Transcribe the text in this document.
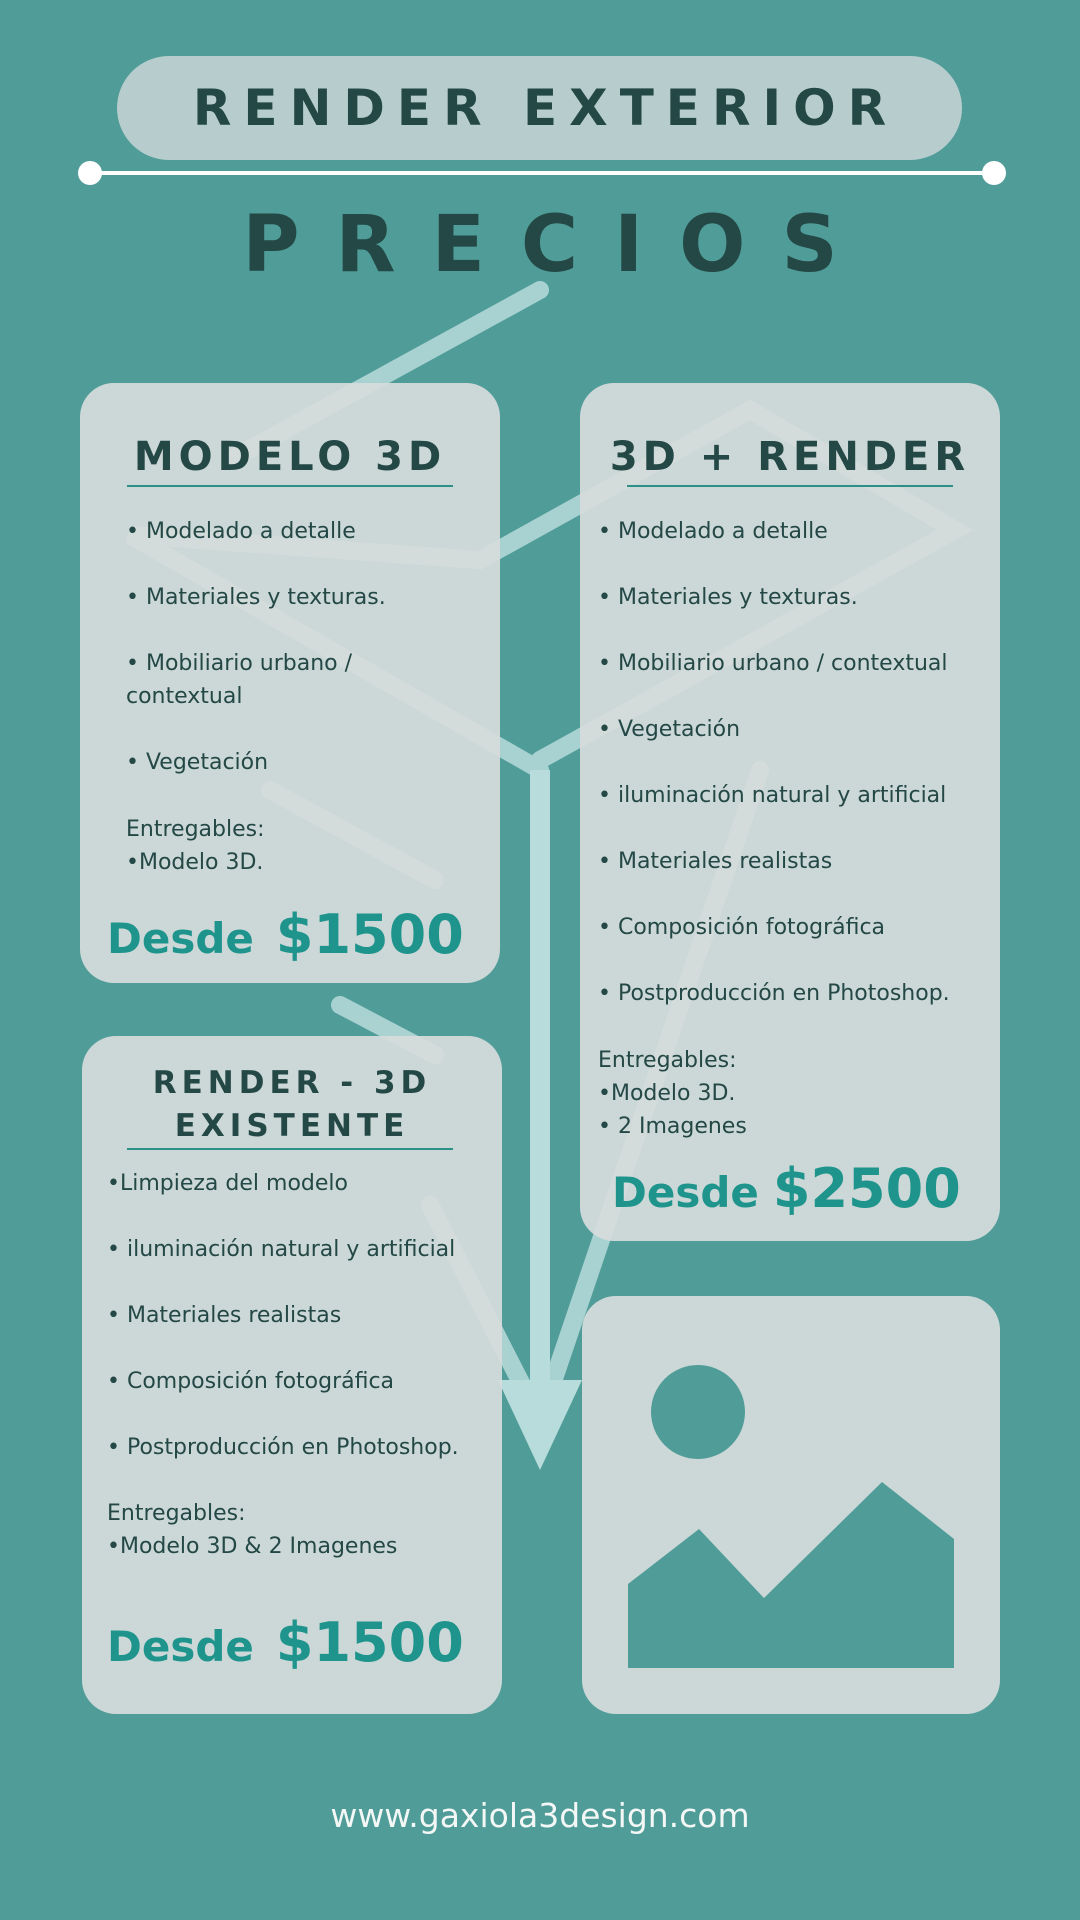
RENDER EXTERIOR
PRECIOS
MODELO 3D
• Modelado a detalle
• Materiales y texturas.
• Mobiliario urbano /
contextual
• Vegetación
Entregables:
•Modelo 3D.
Desde $1500
3D + RENDER
• Modelado a detalle
• Materiales y texturas.
• Mobiliario urbano / contextual
• Vegetación
• iluminación natural y artificial
• Materiales realistas
• Composición fotográfica
• Postproducción en Photoshop.
Entregables:
•Modelo 3D.
• 2 Imagenes
Desde $2500
RENDER - 3D
EXISTENTE
•Limpieza del modelo
• iluminación natural y artificial
• Materiales realistas
• Composición fotográfica
• Postproducción en Photoshop.
Entregables:
•Modelo 3D & 2 Imagenes
Desde $1500
www.gaxiola3design.com
